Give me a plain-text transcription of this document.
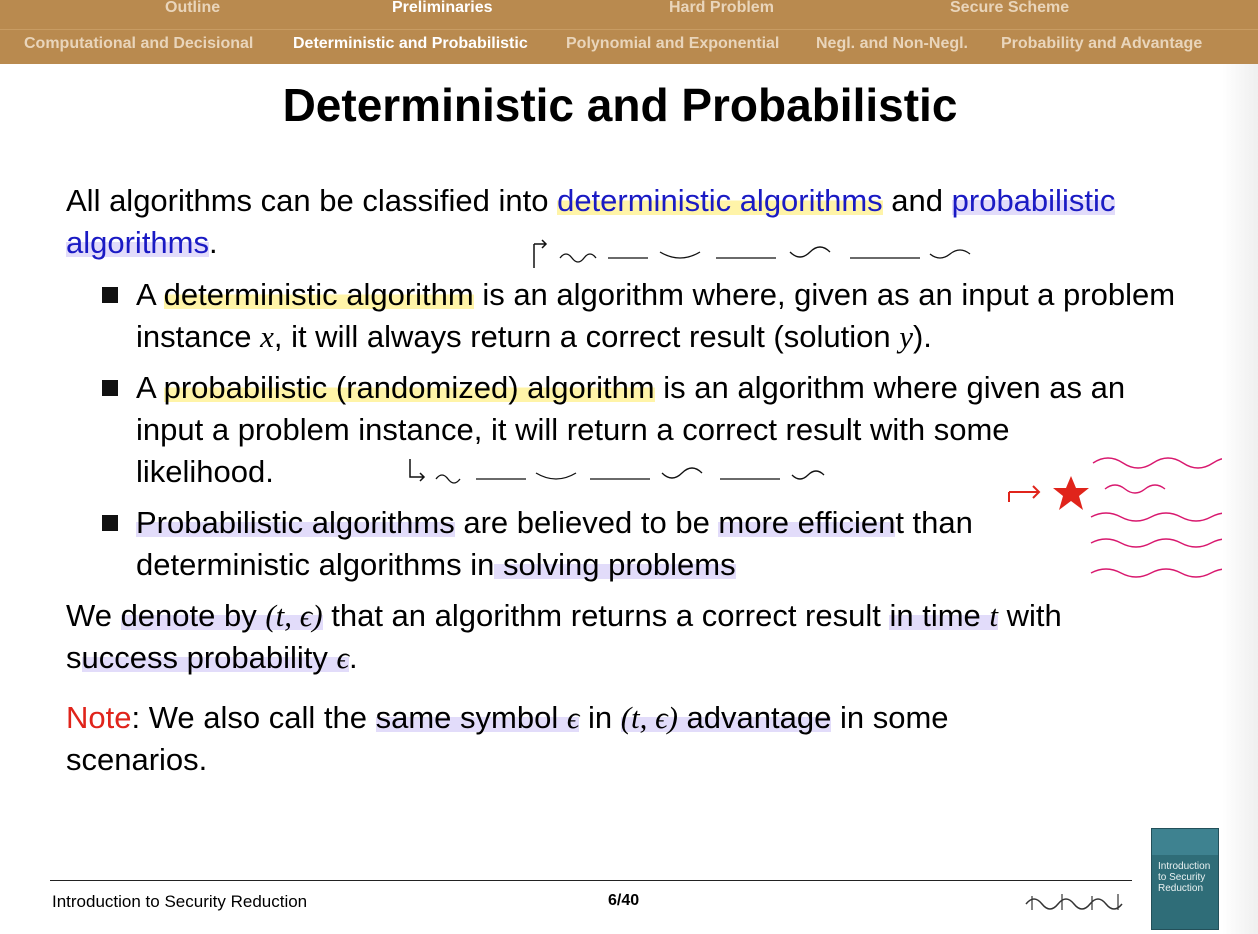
Outline	Preliminaries	Hard Problem	Secure Scheme
Computational and Decisional Deterministic and Probabilistic Polynomial and Exponential Negl. and Non-Negl. Probability and Advantage
Deterministic and Probabilistic

All algorithms can be classified into deterministic algorithms and probabilistic algorithms.

A deterministic algorithm is an algorithm where, given as an input a problem instance x, it will always return a correct result (solution y).
A probabilistic (randomized) algorithm is an algorithm where given as an input a problem instance, it will return a correct result with some likelihood.
Probabilistic algorithms are believed to be more efficient than deterministic algorithms in solving problems

We denote by (t, ϵ) that an algorithm returns a correct result in time t with success probability ϵ.

Note: We also call the same symbol ϵ in (t, ϵ) advantage in some scenarios.

Introduction to Security Reduction	6/40
Introduction to Security Reduction
